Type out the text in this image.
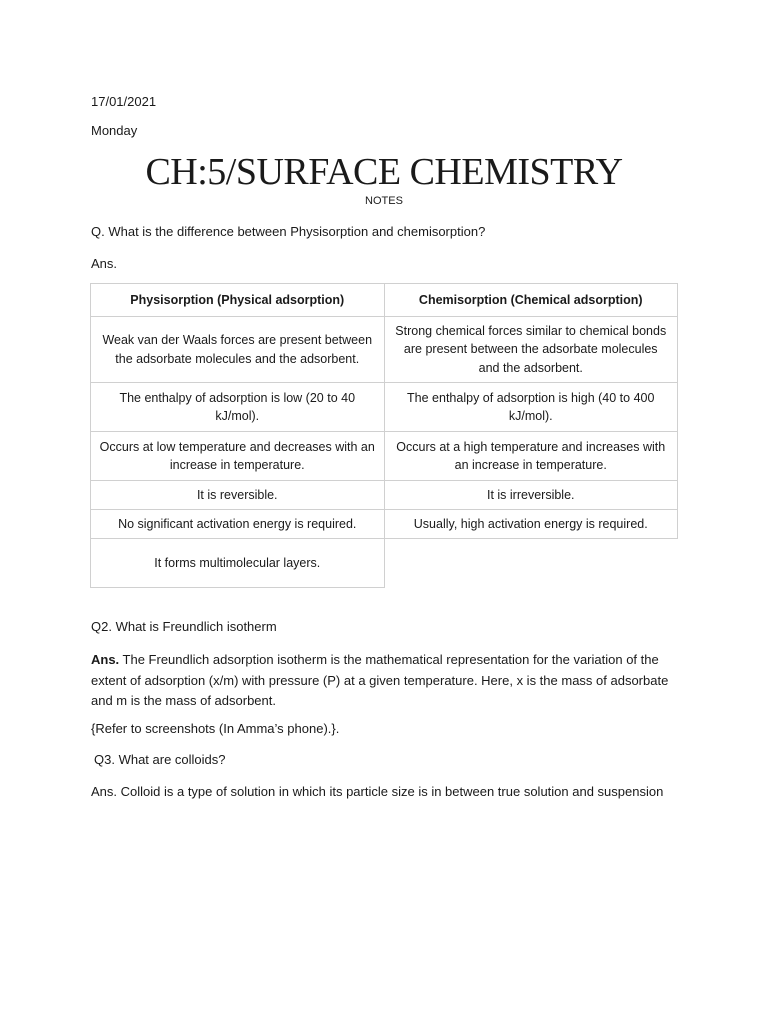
17/01/2021
Monday
CH:5/SURFACE CHEMISTRY
NOTES
Q. What is the difference between Physisorption and chemisorption?
Ans.
Physisorption (Physical adsorption)	Chemisorption (Chemical adsorption)
Weak van der Waals forces are present between the adsorbate molecules and the adsorbent.	Strong chemical forces similar to chemical bonds are present between the adsorbate molecules and the adsorbent.
The enthalpy of adsorption is low (20 to 40 kJ/mol).	The enthalpy of adsorption is high (40 to 400 kJ/mol).
Occurs at low temperature and decreases with an increase in temperature.	Occurs at a high temperature and increases with an increase in temperature.
It is reversible.	It is irreversible.
No significant activation energy is required.	Usually, high activation energy is required.
It forms multimolecular layers.	
Q2. What is Freundlich isotherm
Ans. The Freundlich adsorption isotherm is the mathematical representation for the variation of the extent of adsorption (x/m) with pressure (P) at a given temperature. Here, x is the mass of adsorbate and m is the mass of adsorbent.
{Refer to screenshots (In Amma’s phone).}.
Q3. What are colloids?
Ans. Colloid is a type of solution in which its particle size is in between true solution and suspension
